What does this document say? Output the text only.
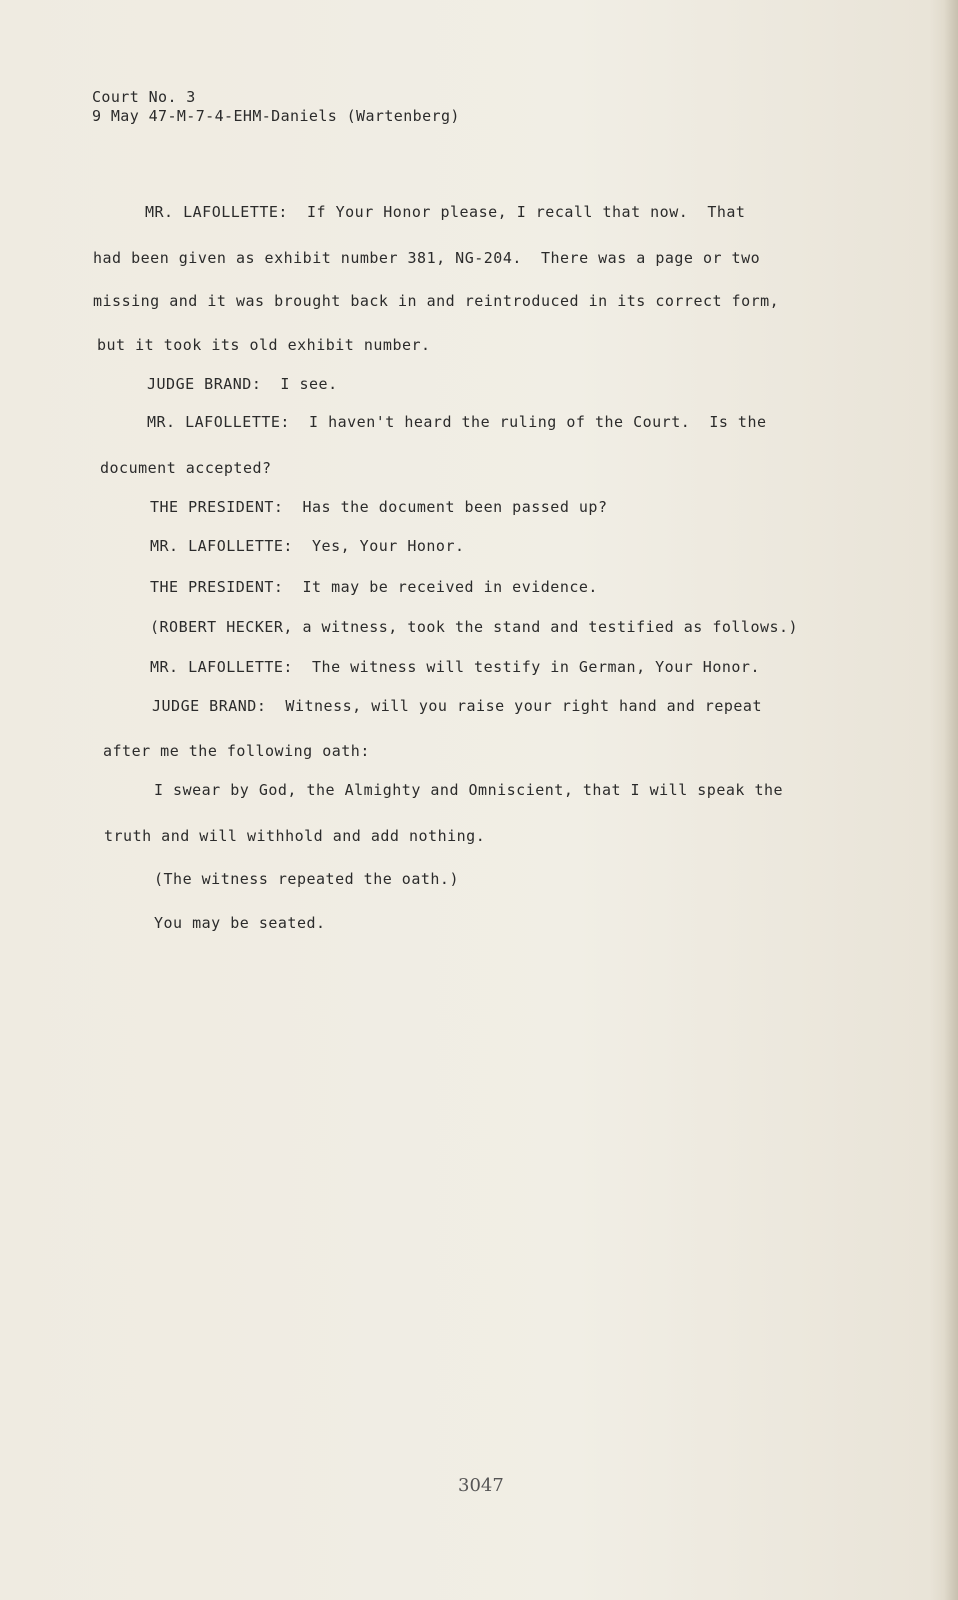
Court No. 3
9 May 47-M-7-4-EHM-Daniels (Wartenberg)
MR. LAFOLLETTE:  If Your Honor please, I recall that now.  That
had been given as exhibit number 381, NG-204.  There was a page or two
missing and it was brought back in and reintroduced in its correct form,
but it took its old exhibit number.
JUDGE BRAND:  I see.
MR. LAFOLLETTE:  I haven't heard the ruling of the Court.  Is the
document accepted?
THE PRESIDENT:  Has the document been passed up?
MR. LAFOLLETTE:  Yes, Your Honor.
THE PRESIDENT:  It may be received in evidence.
(ROBERT HECKER, a witness, took the stand and testified as follows.)
MR. LAFOLLETTE:  The witness will testify in German, Your Honor.
JUDGE BRAND:  Witness, will you raise your right hand and repeat
after me the following oath:
I swear by God, the Almighty and Omniscient, that I will speak the
truth and will withhold and add nothing.
(The witness repeated the oath.)
You may be seated.
3047
